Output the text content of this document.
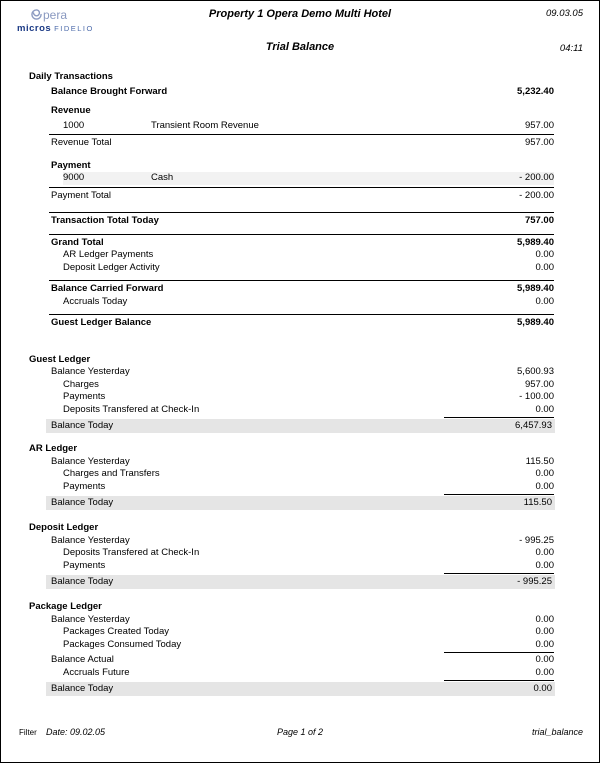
pera
micros FIDELIO
Property 1 Opera Demo Multi Hotel	09.03.05
Trial Balance	04:11
Daily Transactions
Balance Brought Forward	5,232.40
Revenue
1000	Transient Room Revenue	957.00
Revenue Total	957.00
Payment
9000	Cash	- 200.00
Payment Total	- 200.00
Transaction Total Today	757.00
Grand Total	5,989.40
AR Ledger Payments	0.00
Deposit Ledger Activity	0.00
Balance Carried Forward	5,989.40
Accruals Today	0.00
Guest Ledger Balance	5,989.40
Guest Ledger
Balance Yesterday	5,600.93
Charges	957.00
Payments	- 100.00
Deposits Transfered at Check-In	0.00
Balance Today	6,457.93
AR Ledger
Balance Yesterday	115.50
Charges and Transfers	0.00
Payments	0.00
Balance Today	115.50
Deposit Ledger
Balance Yesterday	- 995.25
Deposits Transfered at Check-In	0.00
Payments	0.00
Balance Today	- 995.25
Package Ledger
Balance Yesterday	0.00
Packages Created Today	0.00
Packages Consumed Today	0.00
Balance Actual	0.00
Accruals Future	0.00
Balance Today	0.00
Filter Date: 09.02.05	Page 1 of 2	trial_balance
